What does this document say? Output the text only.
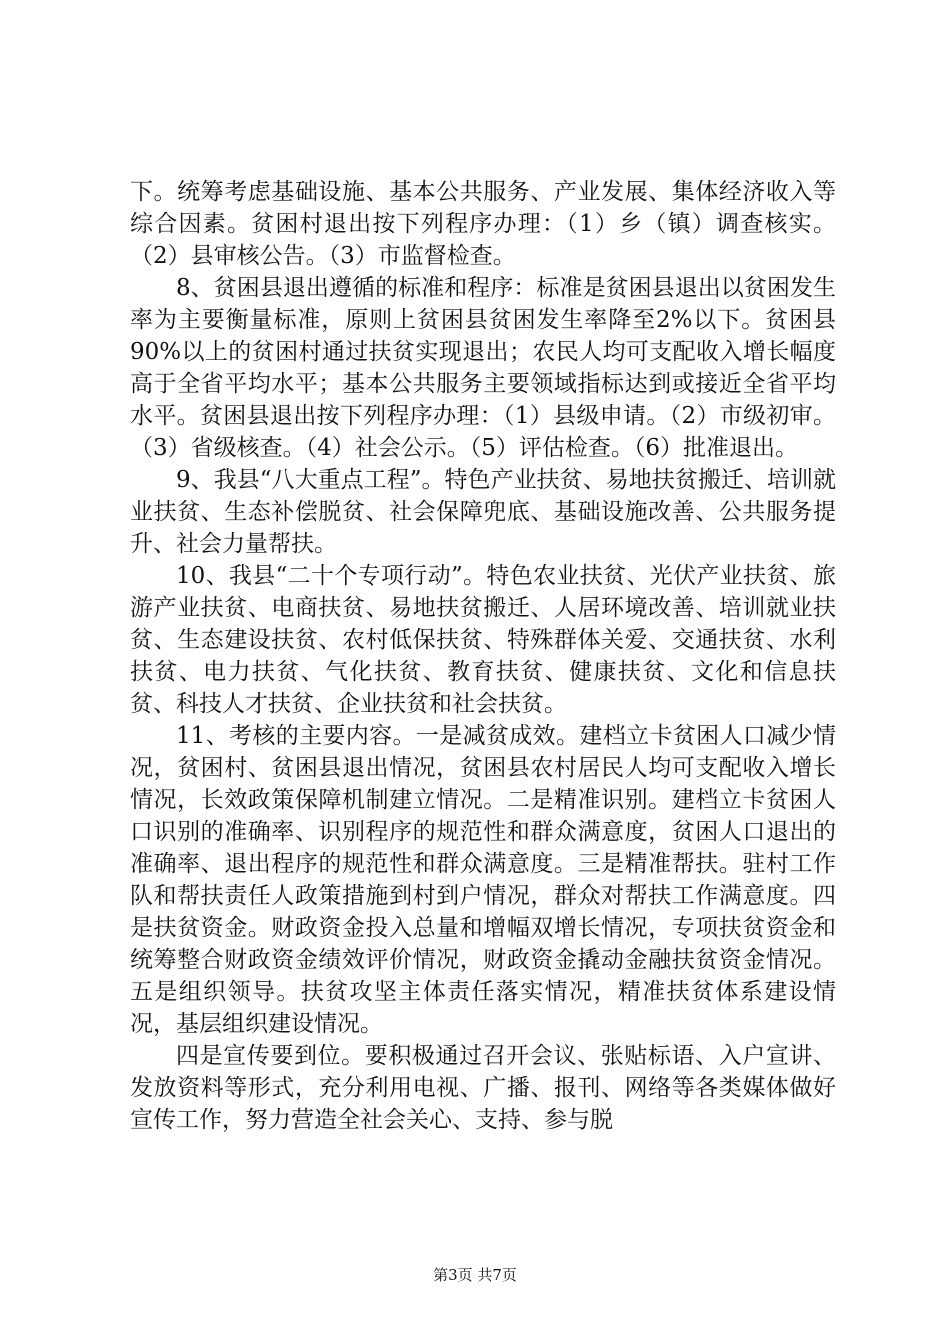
下。统筹考虑基础设施、基本公共服务、产业发展、集体经济收入等综合因素。贫困村退出按下列程序办理：（1）乡（镇）调查核实。（2）县审核公告。（3）市监督检查。

8、贫困县退出遵循的标准和程序：标准是贫困县退出以贫困发生率为主要衡量标准，原则上贫困县贫困发生率降至2%以下。贫困县90%以上的贫困村通过扶贫实现退出；农民人均可支配收入增长幅度高于全省平均水平；基本公共服务主要领域指标达到或接近全省平均水平。贫困县退出按下列程序办理：（1）县级申请。（2）市级初审。（3）省级核查。（4）社会公示。（5）评估检查。（6）批准退出。

9、我县“八大重点工程”。特色产业扶贫、易地扶贫搬迁、培训就业扶贫、生态补偿脱贫、社会保障兜底、基础设施改善、公共服务提升、社会力量帮扶。

10、我县“二十个专项行动”。特色农业扶贫、光伏产业扶贫、旅游产业扶贫、电商扶贫、易地扶贫搬迁、人居环境改善、培训就业扶贫、生态建设扶贫、农村低保扶贫、特殊群体关爱、交通扶贫、水利扶贫、电力扶贫、气化扶贫、教育扶贫、健康扶贫、文化和信息扶贫、科技人才扶贫、企业扶贫和社会扶贫。

11、考核的主要内容。一是减贫成效。建档立卡贫困人口减少情况，贫困村、贫困县退出情况，贫困县农村居民人均可支配收入增长情况，长效政策保障机制建立情况。二是精准识别。建档立卡贫困人口识别的准确率、识别程序的规范性和群众满意度，贫困人口退出的准确率、退出程序的规范性和群众满意度。三是精准帮扶。驻村工作队和帮扶责任人政策措施到村到户情况，群众对帮扶工作满意度。四是扶贫资金。财政资金投入总量和增幅双增长情况，专项扶贫资金和统筹整合财政资金绩效评价情况，财政资金撬动金融扶贫资金情况。五是组织领导。扶贫攻坚主体责任落实情况，精准扶贫体系建设情况，基层组织建设情况。

四是宣传要到位。要积极通过召开会议、张贴标语、入户宣讲、发放资料等形式，充分利用电视、广播、报刊、网络等各类媒体做好宣传工作，努力营造全社会关心、支持、参与脱

第3页 共7页
